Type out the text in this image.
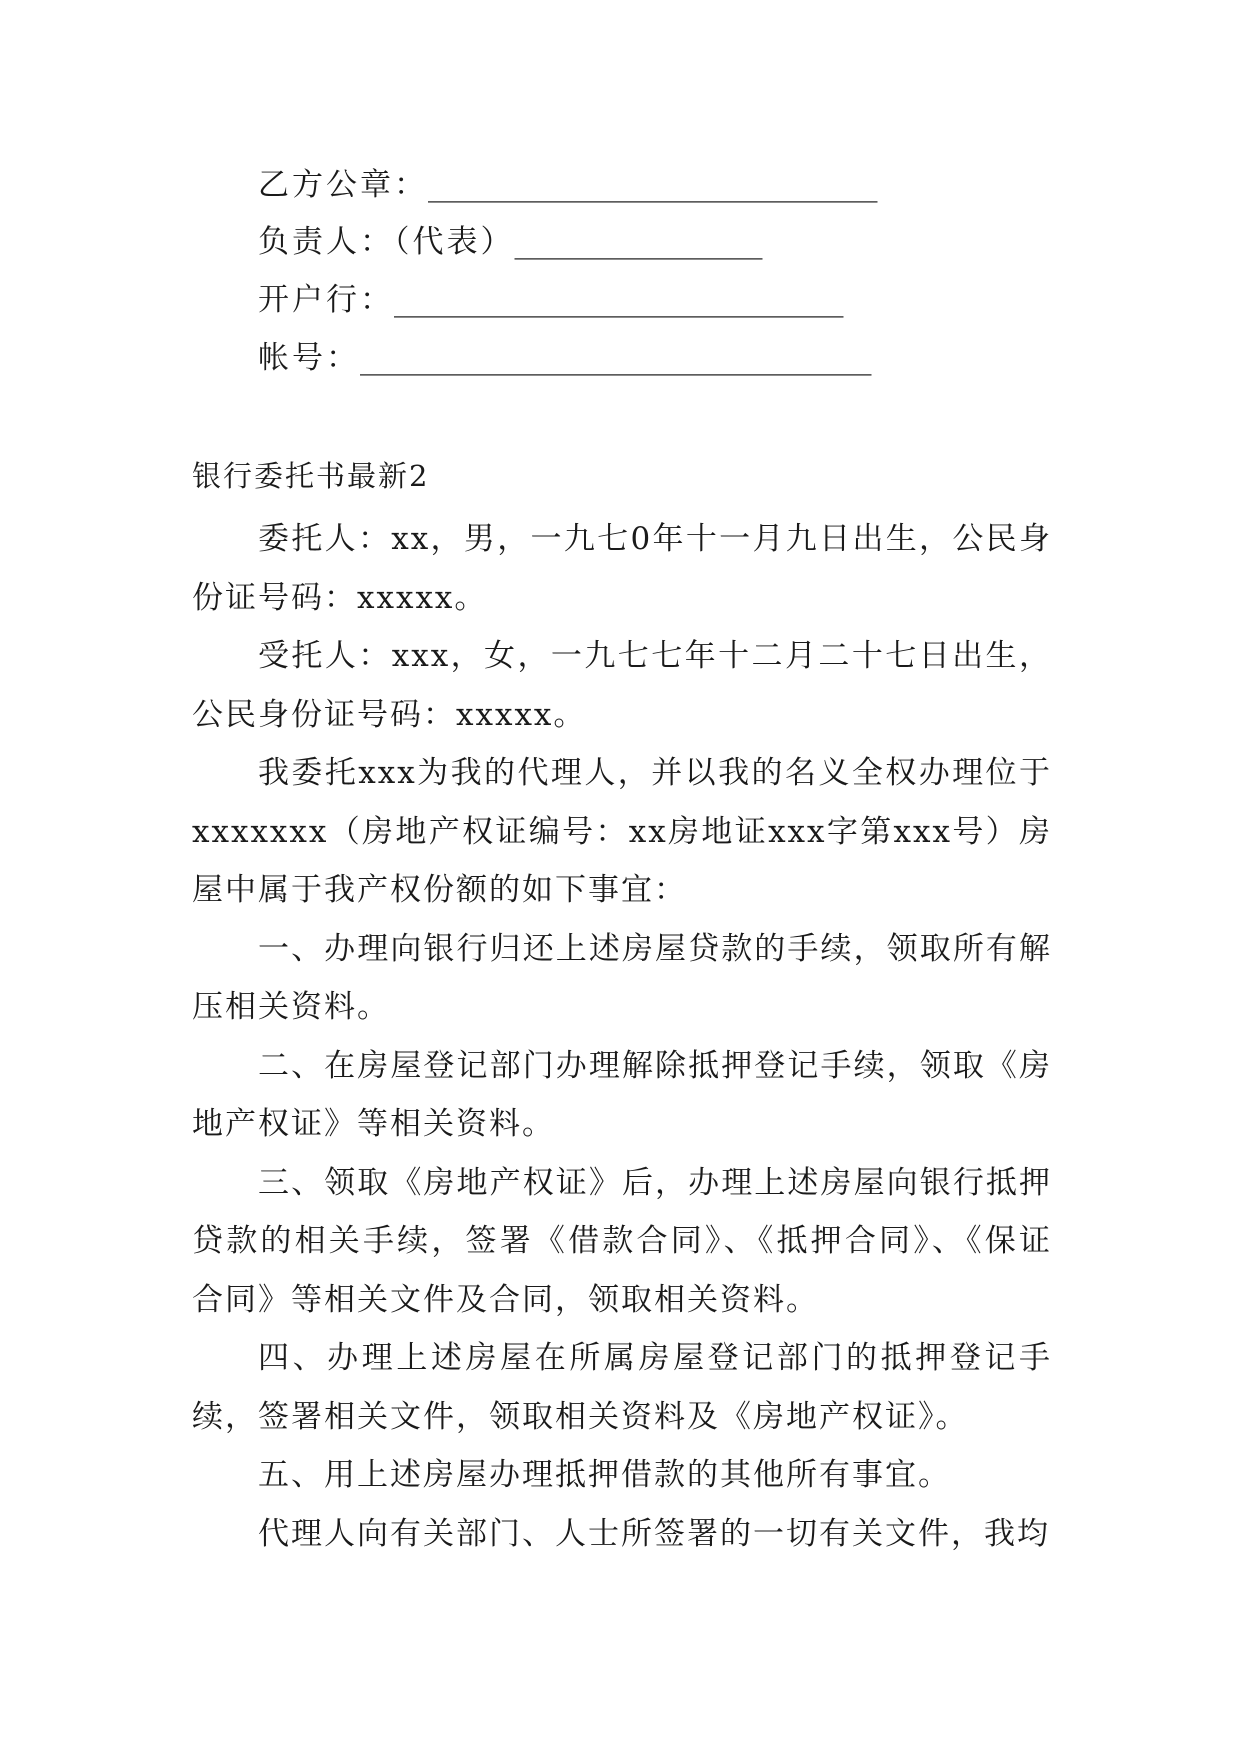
乙方公章：_____________________________
负责人：（代表）________________
开户行：_____________________________
帐号：_________________________________
银行委托书最新2

委托人：xx，男，一九七0年十一月九日出生，公民身份证号码：xxxxx。

受托人：xxx，女，一九七七年十二月二十七日出生，公民身份证号码：xxxxx。

我委托xxx为我的代理人，并以我的名义全权办理位于xxxxxxx（房地产权证编号：xx房地证xxx字第xxx号）房屋中属于我产权份额的如下事宜：

一、办理向银行归还上述房屋贷款的手续，领取所有解压相关资料。

二、在房屋登记部门办理解除抵押登记手续，领取《房地产权证》等相关资料。

三、领取《房地产权证》后，办理上述房屋向银行抵押贷款的相关手续，签署《借款合同》、《抵押合同》、《保证合同》等相关文件及合同，领取相关资料。

四、办理上述房屋在所属房屋登记部门的抵押登记手续，签署相关文件，领取相关资料及《房地产权证》。

五、用上述房屋办理抵押借款的其他所有事宜。

代理人向有关部门、人士所签署的一切有关文件，我均
